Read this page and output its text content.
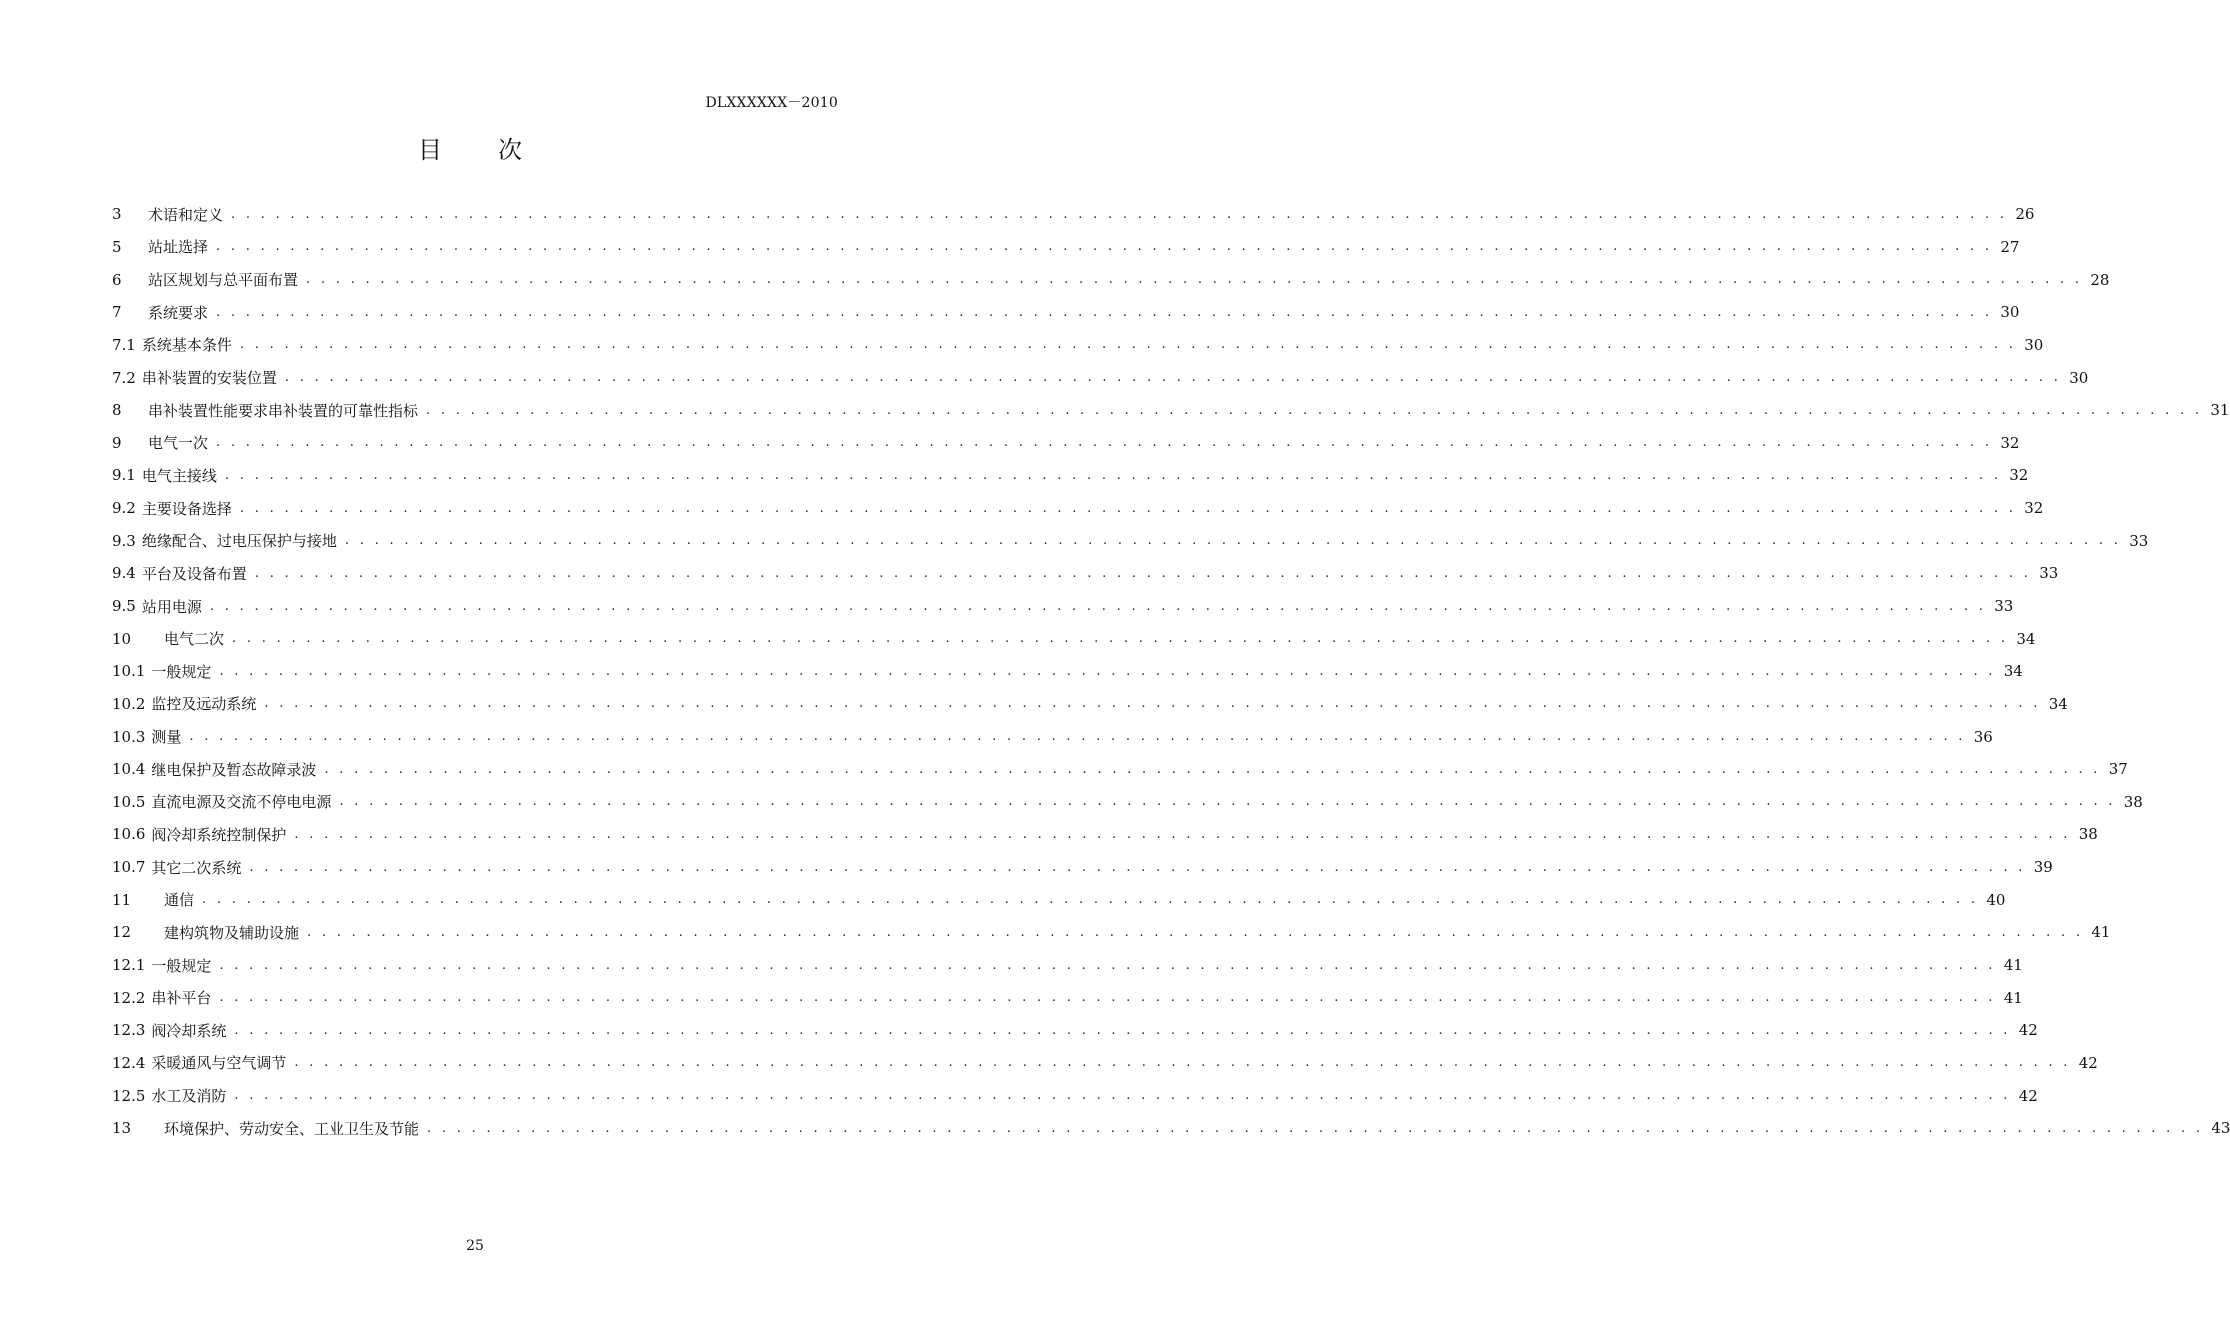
DLXXXXXX－2010
目次
3	术语和定义 . . . . . . . . . . . . . . . . . . . . . . . . . . . . . . . . . . . . . . . . . . . . . . . . . . . . . . . . . . . . . . . . . . . . . . . . . . . . . . . . . . . . . . . . . . . . . . . . . . . . . . . . . . . . . . . . . . . . . . . . 26
5	站址选择 . . . . . . . . . . . . . . . . . . . . . . . . . . . . . . . . . . . . . . . . . . . . . . . . . . . . . . . . . . . . . . . . . . . . . . . . . . . . . . . . . . . . . . . . . . . . . . . . . . . . . . . . . . . . . . . . . . . . . . . . 27
6	站区规划与总平面布置 . . . . . . . . . . . . . . . . . . . . . . . . . . . . . . . . . . . . . . . . . . . . . . . . . . . . . . . . . . . . . . . . . . . . . . . . . . . . . . . . . . . . . . . . . . . . . . . . . . . . . . . . . . . . . . . . . . . . . . . . 28
7	系统要求 . . . . . . . . . . . . . . . . . . . . . . . . . . . . . . . . . . . . . . . . . . . . . . . . . . . . . . . . . . . . . . . . . . . . . . . . . . . . . . . . . . . . . . . . . . . . . . . . . . . . . . . . . . . . . . . . . . . . . . . . 30
7.1 系统基本条件 . . . . . . . . . . . . . . . . . . . . . . . . . . . . . . . . . . . . . . . . . . . . . . . . . . . . . . . . . . . . . . . . . . . . . . . . . . . . . . . . . . . . . . . . . . . . . . . . . . . . . . . . . . . . . . . . . . . . . . . . 30
7.2 串补装置的安装位置 . . . . . . . . . . . . . . . . . . . . . . . . . . . . . . . . . . . . . . . . . . . . . . . . . . . . . . . . . . . . . . . . . . . . . . . . . . . . . . . . . . . . . . . . . . . . . . . . . . . . . . . . . . . . . . . . . . . . . . . . 30
8	串补装置性能要求串补装置的可靠性指标 . . . . . . . . . . . . . . . . . . . . . . . . . . . . . . . . . . . . . . . . . . . . . . . . . . . . . . . . . . . . . . . . . . . . . . . . . . . . . . . . . . . . . . . . . . . . . . . . . . . . . . . . . . . . . . . . . . . . . . . . 31
9	电气一次 . . . . . . . . . . . . . . . . . . . . . . . . . . . . . . . . . . . . . . . . . . . . . . . . . . . . . . . . . . . . . . . . . . . . . . . . . . . . . . . . . . . . . . . . . . . . . . . . . . . . . . . . . . . . . . . . . . . . . . . . 32
9.1 电气主接线 . . . . . . . . . . . . . . . . . . . . . . . . . . . . . . . . . . . . . . . . . . . . . . . . . . . . . . . . . . . . . . . . . . . . . . . . . . . . . . . . . . . . . . . . . . . . . . . . . . . . . . . . . . . . . . . . . . . . . . . . 32
9.2 主要设备选择 . . . . . . . . . . . . . . . . . . . . . . . . . . . . . . . . . . . . . . . . . . . . . . . . . . . . . . . . . . . . . . . . . . . . . . . . . . . . . . . . . . . . . . . . . . . . . . . . . . . . . . . . . . . . . . . . . . . . . . . . 32
9.3 绝缘配合、过电压保护与接地 . . . . . . . . . . . . . . . . . . . . . . . . . . . . . . . . . . . . . . . . . . . . . . . . . . . . . . . . . . . . . . . . . . . . . . . . . . . . . . . . . . . . . . . . . . . . . . . . . . . . . . . . . . . . . . . . . . . . . . . . 33
9.4 平台及设备布置 . . . . . . . . . . . . . . . . . . . . . . . . . . . . . . . . . . . . . . . . . . . . . . . . . . . . . . . . . . . . . . . . . . . . . . . . . . . . . . . . . . . . . . . . . . . . . . . . . . . . . . . . . . . . . . . . . . . . . . . . 33
9.5 站用电源 . . . . . . . . . . . . . . . . . . . . . . . . . . . . . . . . . . . . . . . . . . . . . . . . . . . . . . . . . . . . . . . . . . . . . . . . . . . . . . . . . . . . . . . . . . . . . . . . . . . . . . . . . . . . . . . . . . . . . . . . 33
10	电气二次 . . . . . . . . . . . . . . . . . . . . . . . . . . . . . . . . . . . . . . . . . . . . . . . . . . . . . . . . . . . . . . . . . . . . . . . . . . . . . . . . . . . . . . . . . . . . . . . . . . . . . . . . . . . . . . . . . . . . . . . . 34
10.1 一般规定 . . . . . . . . . . . . . . . . . . . . . . . . . . . . . . . . . . . . . . . . . . . . . . . . . . . . . . . . . . . . . . . . . . . . . . . . . . . . . . . . . . . . . . . . . . . . . . . . . . . . . . . . . . . . . . . . . . . . . . . . 34
10.2 监控及远动系统 . . . . . . . . . . . . . . . . . . . . . . . . . . . . . . . . . . . . . . . . . . . . . . . . . . . . . . . . . . . . . . . . . . . . . . . . . . . . . . . . . . . . . . . . . . . . . . . . . . . . . . . . . . . . . . . . . . . . . . . . 34
10.3 测量 . . . . . . . . . . . . . . . . . . . . . . . . . . . . . . . . . . . . . . . . . . . . . . . . . . . . . . . . . . . . . . . . . . . . . . . . . . . . . . . . . . . . . . . . . . . . . . . . . . . . . . . . . . . . . . . . . . . . . . . . 36
10.4 继电保护及暂态故障录波 . . . . . . . . . . . . . . . . . . . . . . . . . . . . . . . . . . . . . . . . . . . . . . . . . . . . . . . . . . . . . . . . . . . . . . . . . . . . . . . . . . . . . . . . . . . . . . . . . . . . . . . . . . . . . . . . . . . . . . . . 37
10.5 直流电源及交流不停电电源 . . . . . . . . . . . . . . . . . . . . . . . . . . . . . . . . . . . . . . . . . . . . . . . . . . . . . . . . . . . . . . . . . . . . . . . . . . . . . . . . . . . . . . . . . . . . . . . . . . . . . . . . . . . . . . . . . . . . . . . . 38
10.6 阀冷却系统控制保护 . . . . . . . . . . . . . . . . . . . . . . . . . . . . . . . . . . . . . . . . . . . . . . . . . . . . . . . . . . . . . . . . . . . . . . . . . . . . . . . . . . . . . . . . . . . . . . . . . . . . . . . . . . . . . . . . . . . . . . . . 38
10.7 其它二次系统 . . . . . . . . . . . . . . . . . . . . . . . . . . . . . . . . . . . . . . . . . . . . . . . . . . . . . . . . . . . . . . . . . . . . . . . . . . . . . . . . . . . . . . . . . . . . . . . . . . . . . . . . . . . . . . . . . . . . . . . . 39
11	通信 . . . . . . . . . . . . . . . . . . . . . . . . . . . . . . . . . . . . . . . . . . . . . . . . . . . . . . . . . . . . . . . . . . . . . . . . . . . . . . . . . . . . . . . . . . . . . . . . . . . . . . . . . . . . . . . . . . . . . . . . 40
12	建构筑物及辅助设施 . . . . . . . . . . . . . . . . . . . . . . . . . . . . . . . . . . . . . . . . . . . . . . . . . . . . . . . . . . . . . . . . . . . . . . . . . . . . . . . . . . . . . . . . . . . . . . . . . . . . . . . . . . . . . . . . . . . . . . . . 41
12.1 一般规定 . . . . . . . . . . . . . . . . . . . . . . . . . . . . . . . . . . . . . . . . . . . . . . . . . . . . . . . . . . . . . . . . . . . . . . . . . . . . . . . . . . . . . . . . . . . . . . . . . . . . . . . . . . . . . . . . . . . . . . . . 41
12.2 串补平台 . . . . . . . . . . . . . . . . . . . . . . . . . . . . . . . . . . . . . . . . . . . . . . . . . . . . . . . . . . . . . . . . . . . . . . . . . . . . . . . . . . . . . . . . . . . . . . . . . . . . . . . . . . . . . . . . . . . . . . . . 41
12.3 阀冷却系统 . . . . . . . . . . . . . . . . . . . . . . . . . . . . . . . . . . . . . . . . . . . . . . . . . . . . . . . . . . . . . . . . . . . . . . . . . . . . . . . . . . . . . . . . . . . . . . . . . . . . . . . . . . . . . . . . . . . . . . . . 42
12.4 采暖通风与空气调节 . . . . . . . . . . . . . . . . . . . . . . . . . . . . . . . . . . . . . . . . . . . . . . . . . . . . . . . . . . . . . . . . . . . . . . . . . . . . . . . . . . . . . . . . . . . . . . . . . . . . . . . . . . . . . . . . . . . . . . . . 42
12.5 水工及消防 . . . . . . . . . . . . . . . . . . . . . . . . . . . . . . . . . . . . . . . . . . . . . . . . . . . . . . . . . . . . . . . . . . . . . . . . . . . . . . . . . . . . . . . . . . . . . . . . . . . . . . . . . . . . . . . . . . . . . . . . 42
13	环境保护、劳动安全、工业卫生及节能 . . . . . . . . . . . . . . . . . . . . . . . . . . . . . . . . . . . . . . . . . . . . . . . . . . . . . . . . . . . . . . . . . . . . . . . . . . . . . . . . . . . . . . . . . . . . . . . . . . . . . . . . . . . . . . . . . . . . . . . . 43
25
